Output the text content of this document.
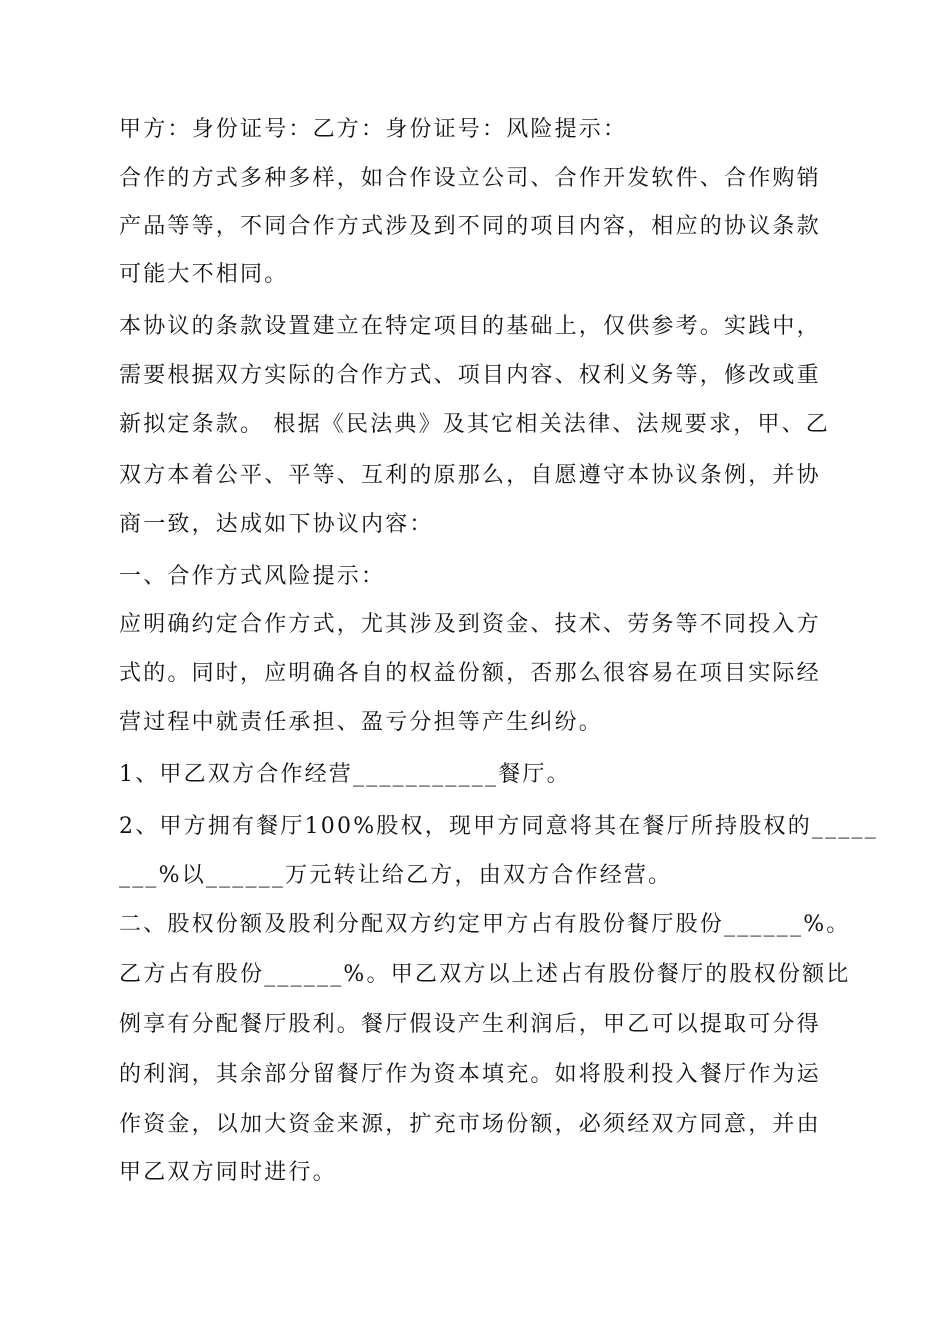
甲方：身份证号：乙方：身份证号：风险提示：

合作的方式多种多样，如合作设立公司、合作开发软件、合作购销

产品等等，不同合作方式涉及到不同的项目内容，相应的协议条款

可能大不相同。

本协议的条款设置建立在特定项目的基础上，仅供参考。实践中，

需要根据双方实际的合作方式、项目内容、权利义务等，修改或重

新拟定条款。 根据《民法典》及其它相关法律、法规要求，甲、乙

双方本着公平、平等、互利的原那么，自愿遵守本协议条例，并协

商一致，达成如下协议内容：

一、合作方式风险提示：

应明确约定合作方式，尤其涉及到资金、技术、劳务等不同投入方

式的。同时，应明确各自的权益份额，否那么很容易在项目实际经

营过程中就责任承担、盈亏分担等产生纠纷。

1、甲乙双方合作经营___________餐厅。

2、甲方拥有餐厅100%股权，现甲方同意将其在餐厅所持股权的_____

___%以______万元转让给乙方，由双方合作经营。

二、股权份额及股利分配双方约定甲方占有股份餐厅股份______%。

乙方占有股份______%。甲乙双方以上述占有股份餐厅的股权份额比

例享有分配餐厅股利。餐厅假设产生利润后，甲乙可以提取可分得

的利润，其余部分留餐厅作为资本填充。如将股利投入餐厅作为运

作资金，以加大资金来源，扩充市场份额，必须经双方同意，并由

甲乙双方同时进行。
